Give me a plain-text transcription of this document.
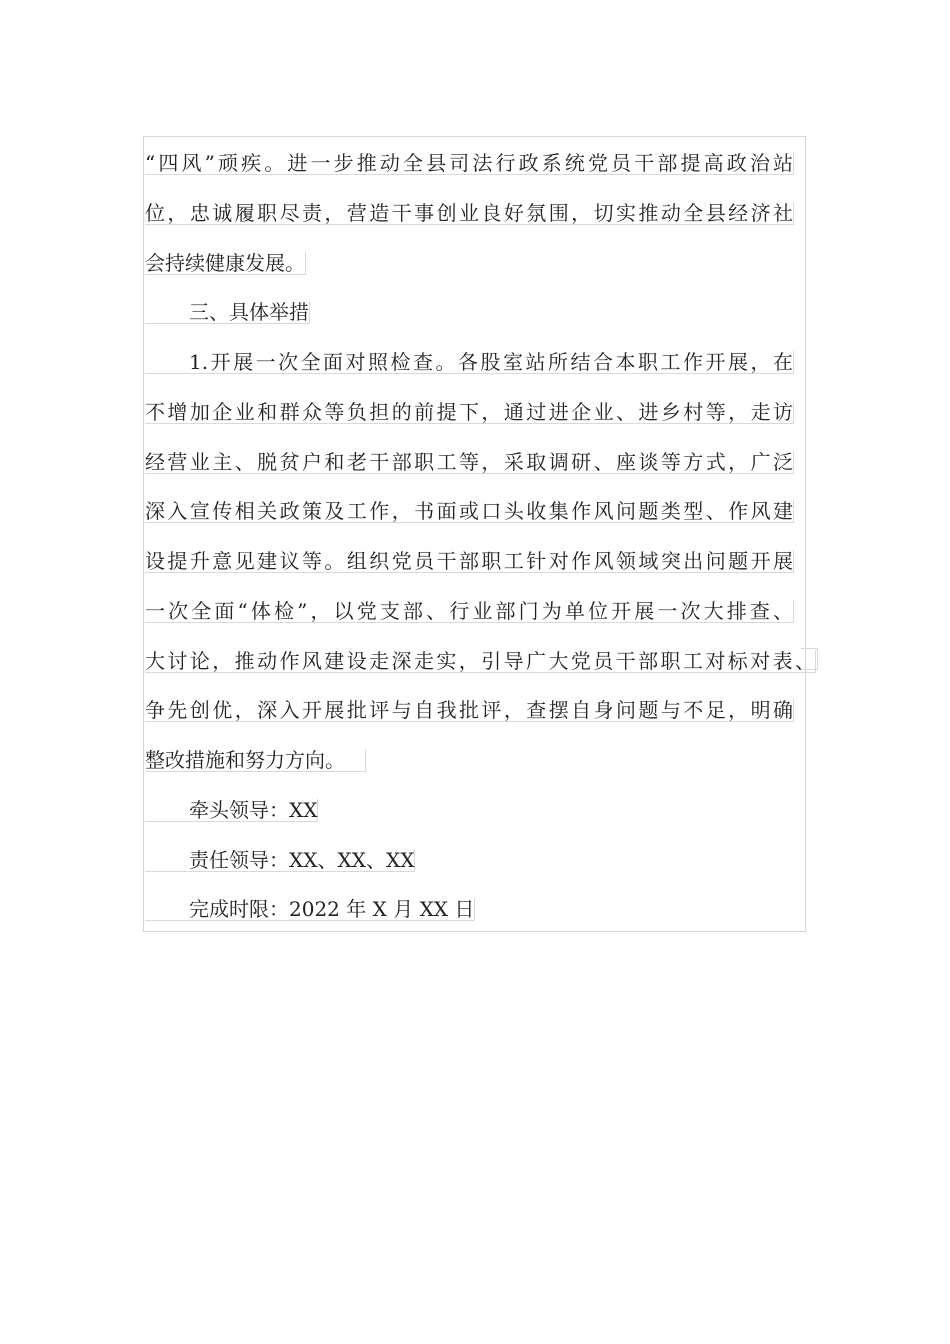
“四风”顽疾。进一步推动全县司法行政系统党员干部提高政治站
位，忠诚履职尽责，营造干事创业良好氛围，切实推动全县经济社
会持续健康发展。
三、具体举措
1.开展一次全面对照检查。各股室站所结合本职工作开展，在
不增加企业和群众等负担的前提下，通过进企业、进乡村等，走访
经营业主、脱贫户和老干部职工等，采取调研、座谈等方式，广泛
深入宣传相关政策及工作，书面或口头收集作风问题类型、作风建
设提升意见建议等。组织党员干部职工针对作风领域突出问题开展
一次全面“体检”，以党支部、行业部门为单位开展一次大排查、
大讨论，推动作风建设走深走实，引导广大党员干部职工对标对表、
争先创优，深入开展批评与自我批评，查摆自身问题与不足，明确
整改措施和努力方向。
牵头领导：XX
责任领导：XX、XX、XX
完成时限：2022 年 X 月 XX 日
